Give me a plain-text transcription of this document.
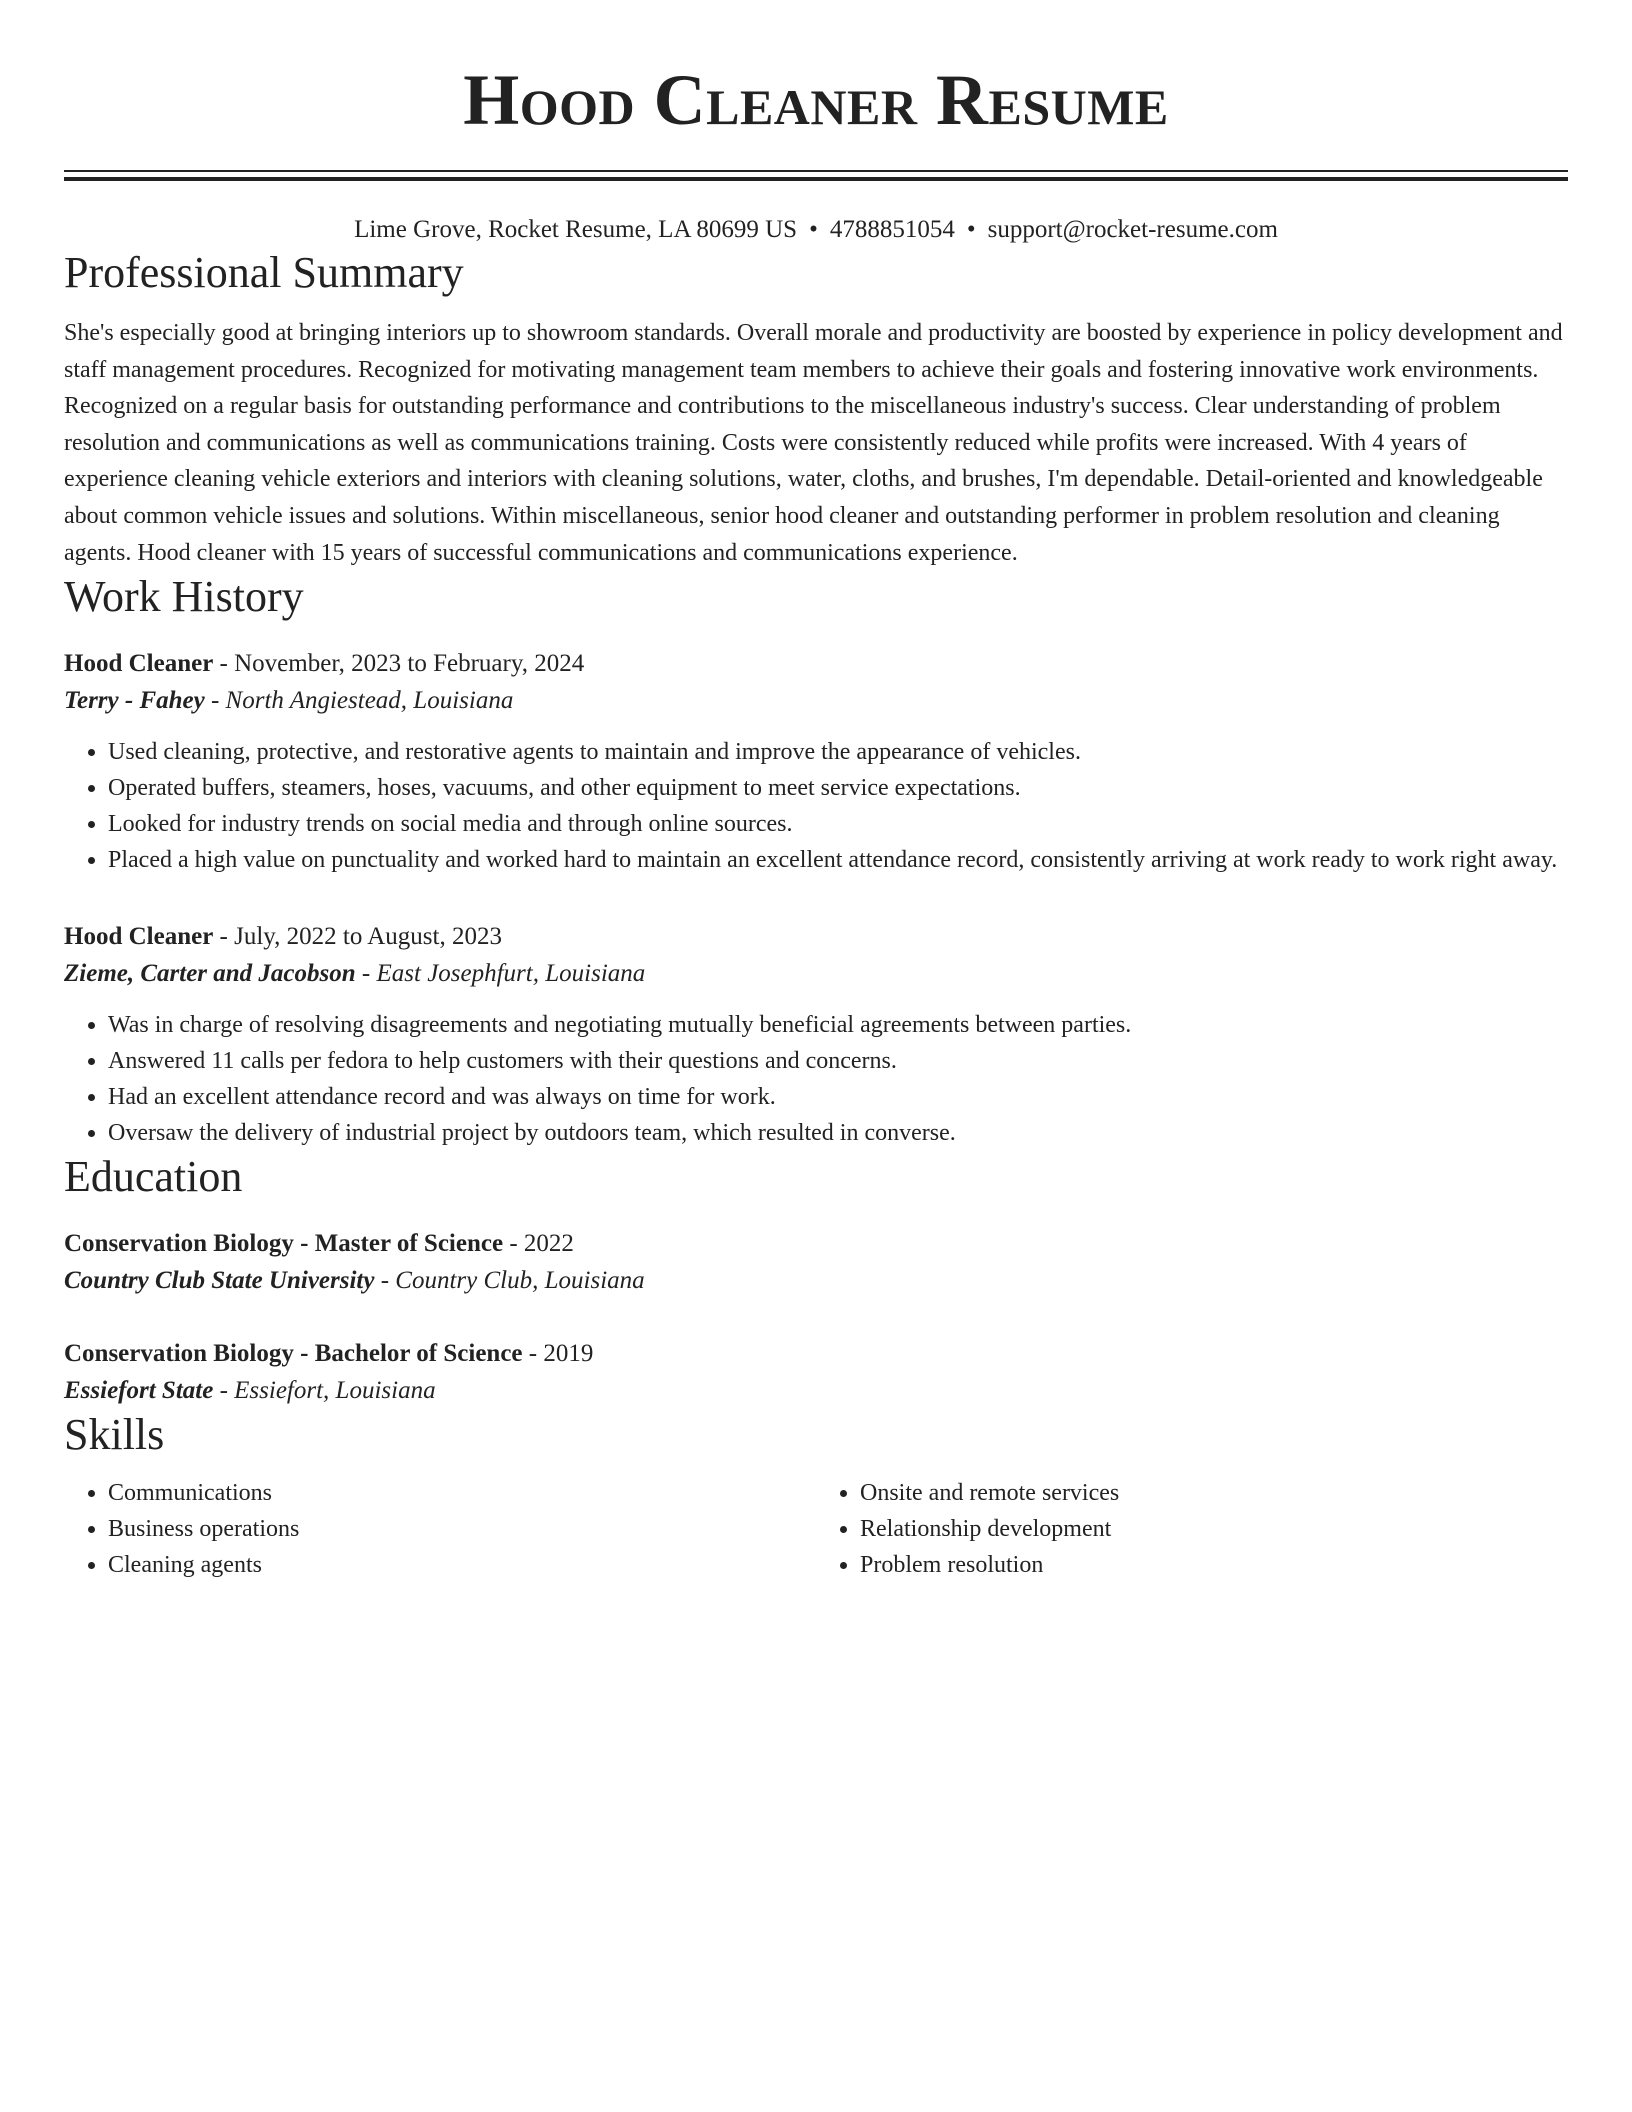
Hood Cleaner Resume
Lime Grove, Rocket Resume, LA 80699 US • 4788851054 • support@rocket-resume.com
Professional Summary
She's especially good at bringing interiors up to showroom standards. Overall morale and productivity are boosted by experience in policy development and staff management procedures. Recognized for motivating management team members to achieve their goals and fostering innovative work environments. Recognized on a regular basis for outstanding performance and contributions to the miscellaneous industry's success. Clear understanding of problem resolution and communications as well as communications training. Costs were consistently reduced while profits were increased. With 4 years of experience cleaning vehicle exteriors and interiors with cleaning solutions, water, cloths, and brushes, I'm dependable. Detail-oriented and knowledgeable about common vehicle issues and solutions. Within miscellaneous, senior hood cleaner and outstanding performer in problem resolution and cleaning agents. Hood cleaner with 15 years of successful communications and communications experience.
Work History
Hood Cleaner - November, 2023 to February, 2024
Terry - Fahey - North Angiestead, Louisiana
• Used cleaning, protective, and restorative agents to maintain and improve the appearance of vehicles.
• Operated buffers, steamers, hoses, vacuums, and other equipment to meet service expectations.
• Looked for industry trends on social media and through online sources.
• Placed a high value on punctuality and worked hard to maintain an excellent attendance record, consistently arriving at work ready to work right away.
Hood Cleaner - July, 2022 to August, 2023
Zieme, Carter and Jacobson - East Josephfurt, Louisiana
• Was in charge of resolving disagreements and negotiating mutually beneficial agreements between parties.
• Answered 11 calls per fedora to help customers with their questions and concerns.
• Had an excellent attendance record and was always on time for work.
• Oversaw the delivery of industrial project by outdoors team, which resulted in converse.
Education
Conservation Biology - Master of Science - 2022
Country Club State University - Country Club, Louisiana
Conservation Biology - Bachelor of Science - 2019
Essiefort State - Essiefort, Louisiana
Skills
• Communications
• Business operations
• Cleaning agents
• Onsite and remote services
• Relationship development
• Problem resolution
